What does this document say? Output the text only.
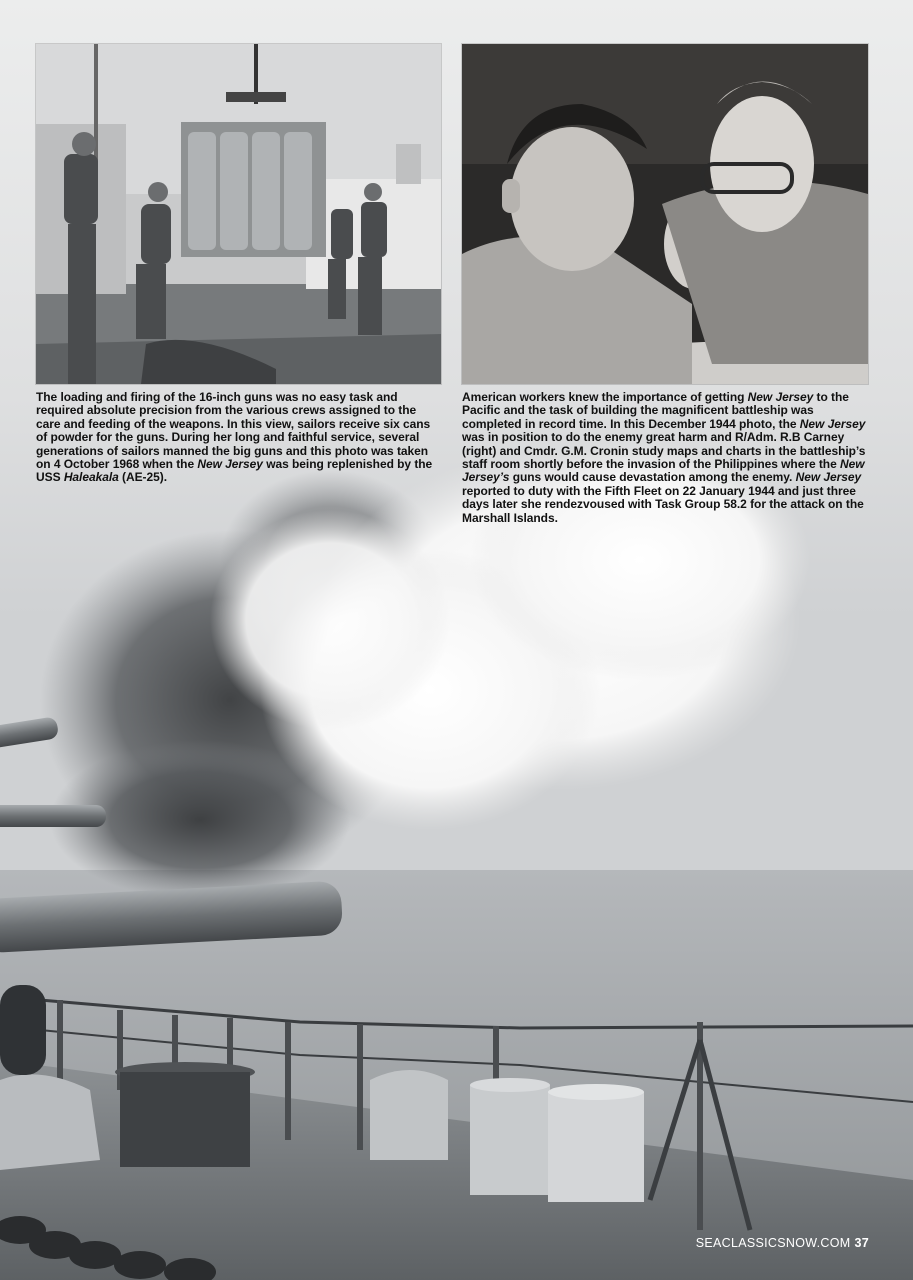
The loading and firing of the 16-inch guns was no easy task and required absolute precision from the various crews assigned to the care and feeding of the weapons. In this view, sailors receive six cans of powder for the guns. During her long and faithful service, several generations of sailors manned the big guns and this photo was taken on 4 October 1968 when the New Jersey was being replenished by the USS Haleakala (AE-25).

American workers knew the importance of getting New Jersey to the Pacific and the task of building the magnificent battleship was completed in record time. In this December 1944 photo, the New Jersey was in position to do the enemy great harm and R/Adm. R.B Carney (right) and Cmdr. G.M. Cronin study maps and charts in the battleship’s staff room shortly before the invasion of the Philippines where the New Jersey’s guns would cause devastation among the enemy. New Jersey reported to duty with the Fifth Fleet on 22 January 1944 and just three days later she rendezvoused with Task Group 58.2 for the attack on the Marshall Islands.

SEACLASSICSNOW.COM 37
